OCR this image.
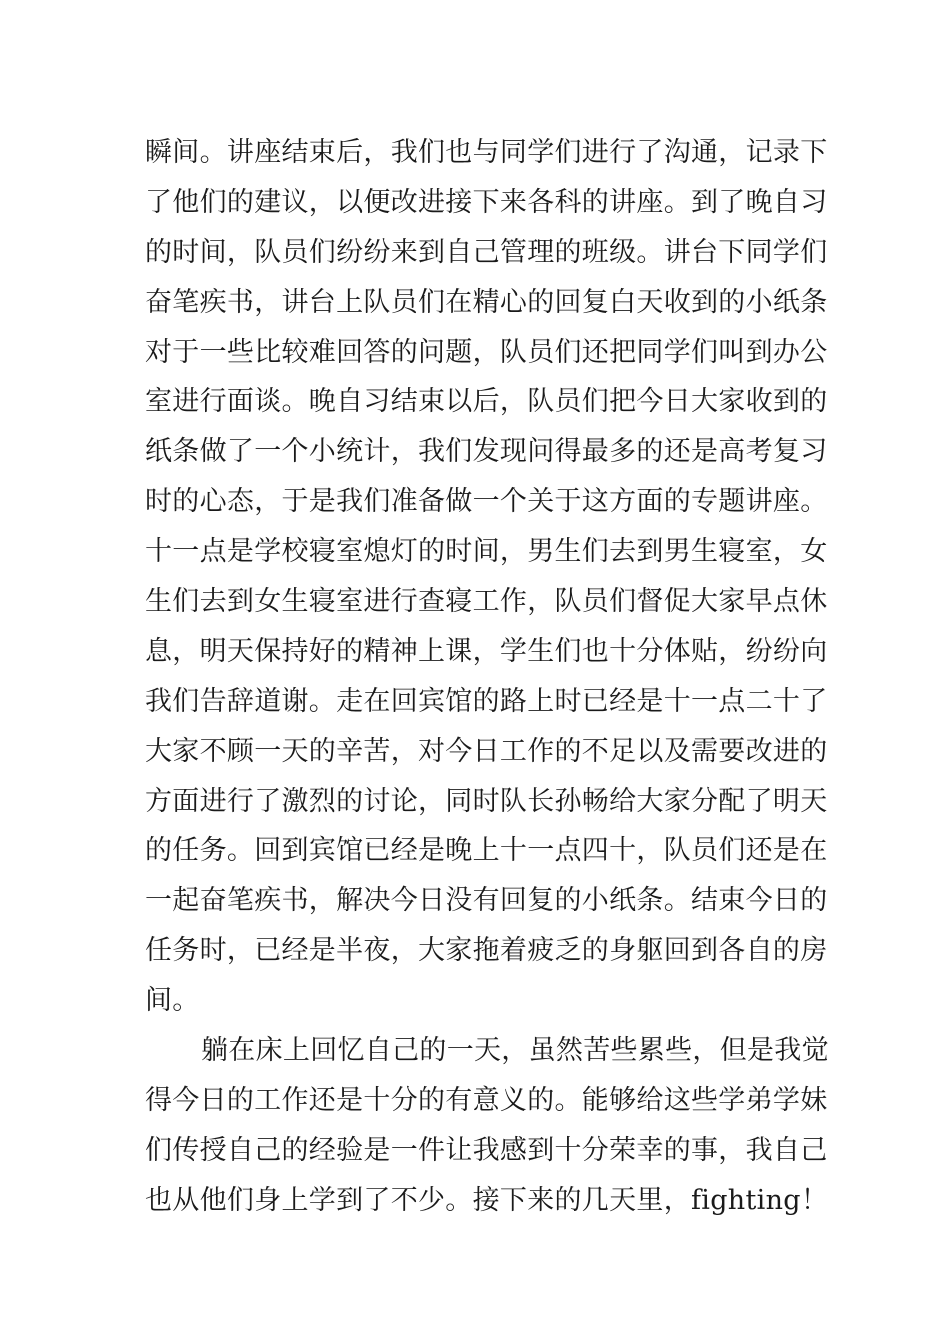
瞬间。讲座结束后，我们也与同学们进行了沟通，记录下
了他们的建议，以便改进接下来各科的讲座。到了晚自习
的时间，队员们纷纷来到自己管理的班级。讲台下同学们
奋笔疾书，讲台上队员们在精心的回复白天收到的小纸条
对于一些比较难回答的问题，队员们还把同学们叫到办公
室进行面谈。晚自习结束以后，队员们把今日大家收到的
纸条做了一个小统计，我们发现问得最多的还是高考复习
时的心态，于是我们准备做一个关于这方面的专题讲座。
十一点是学校寝室熄灯的时间，男生们去到男生寝室，女
生们去到女生寝室进行查寝工作，队员们督促大家早点休
息，明天保持好的精神上课，学生们也十分体贴，纷纷向
我们告辞道谢。走在回宾馆的路上时已经是十一点二十了
大家不顾一天的辛苦，对今日工作的不足以及需要改进的
方面进行了激烈的讨论，同时队长孙畅给大家分配了明天
的任务。回到宾馆已经是晚上十一点四十，队员们还是在
一起奋笔疾书，解决今日没有回复的小纸条。结束今日的
任务时，已经是半夜，大家拖着疲乏的身躯回到各自的房
间。
躺在床上回忆自己的一天，虽然苦些累些，但是我觉
得今日的工作还是十分的有意义的。能够给这些学弟学妹
们传授自己的经验是一件让我感到十分荣幸的事，我自己
也从他们身上学到了不少。接下来的几天里，fighting！
